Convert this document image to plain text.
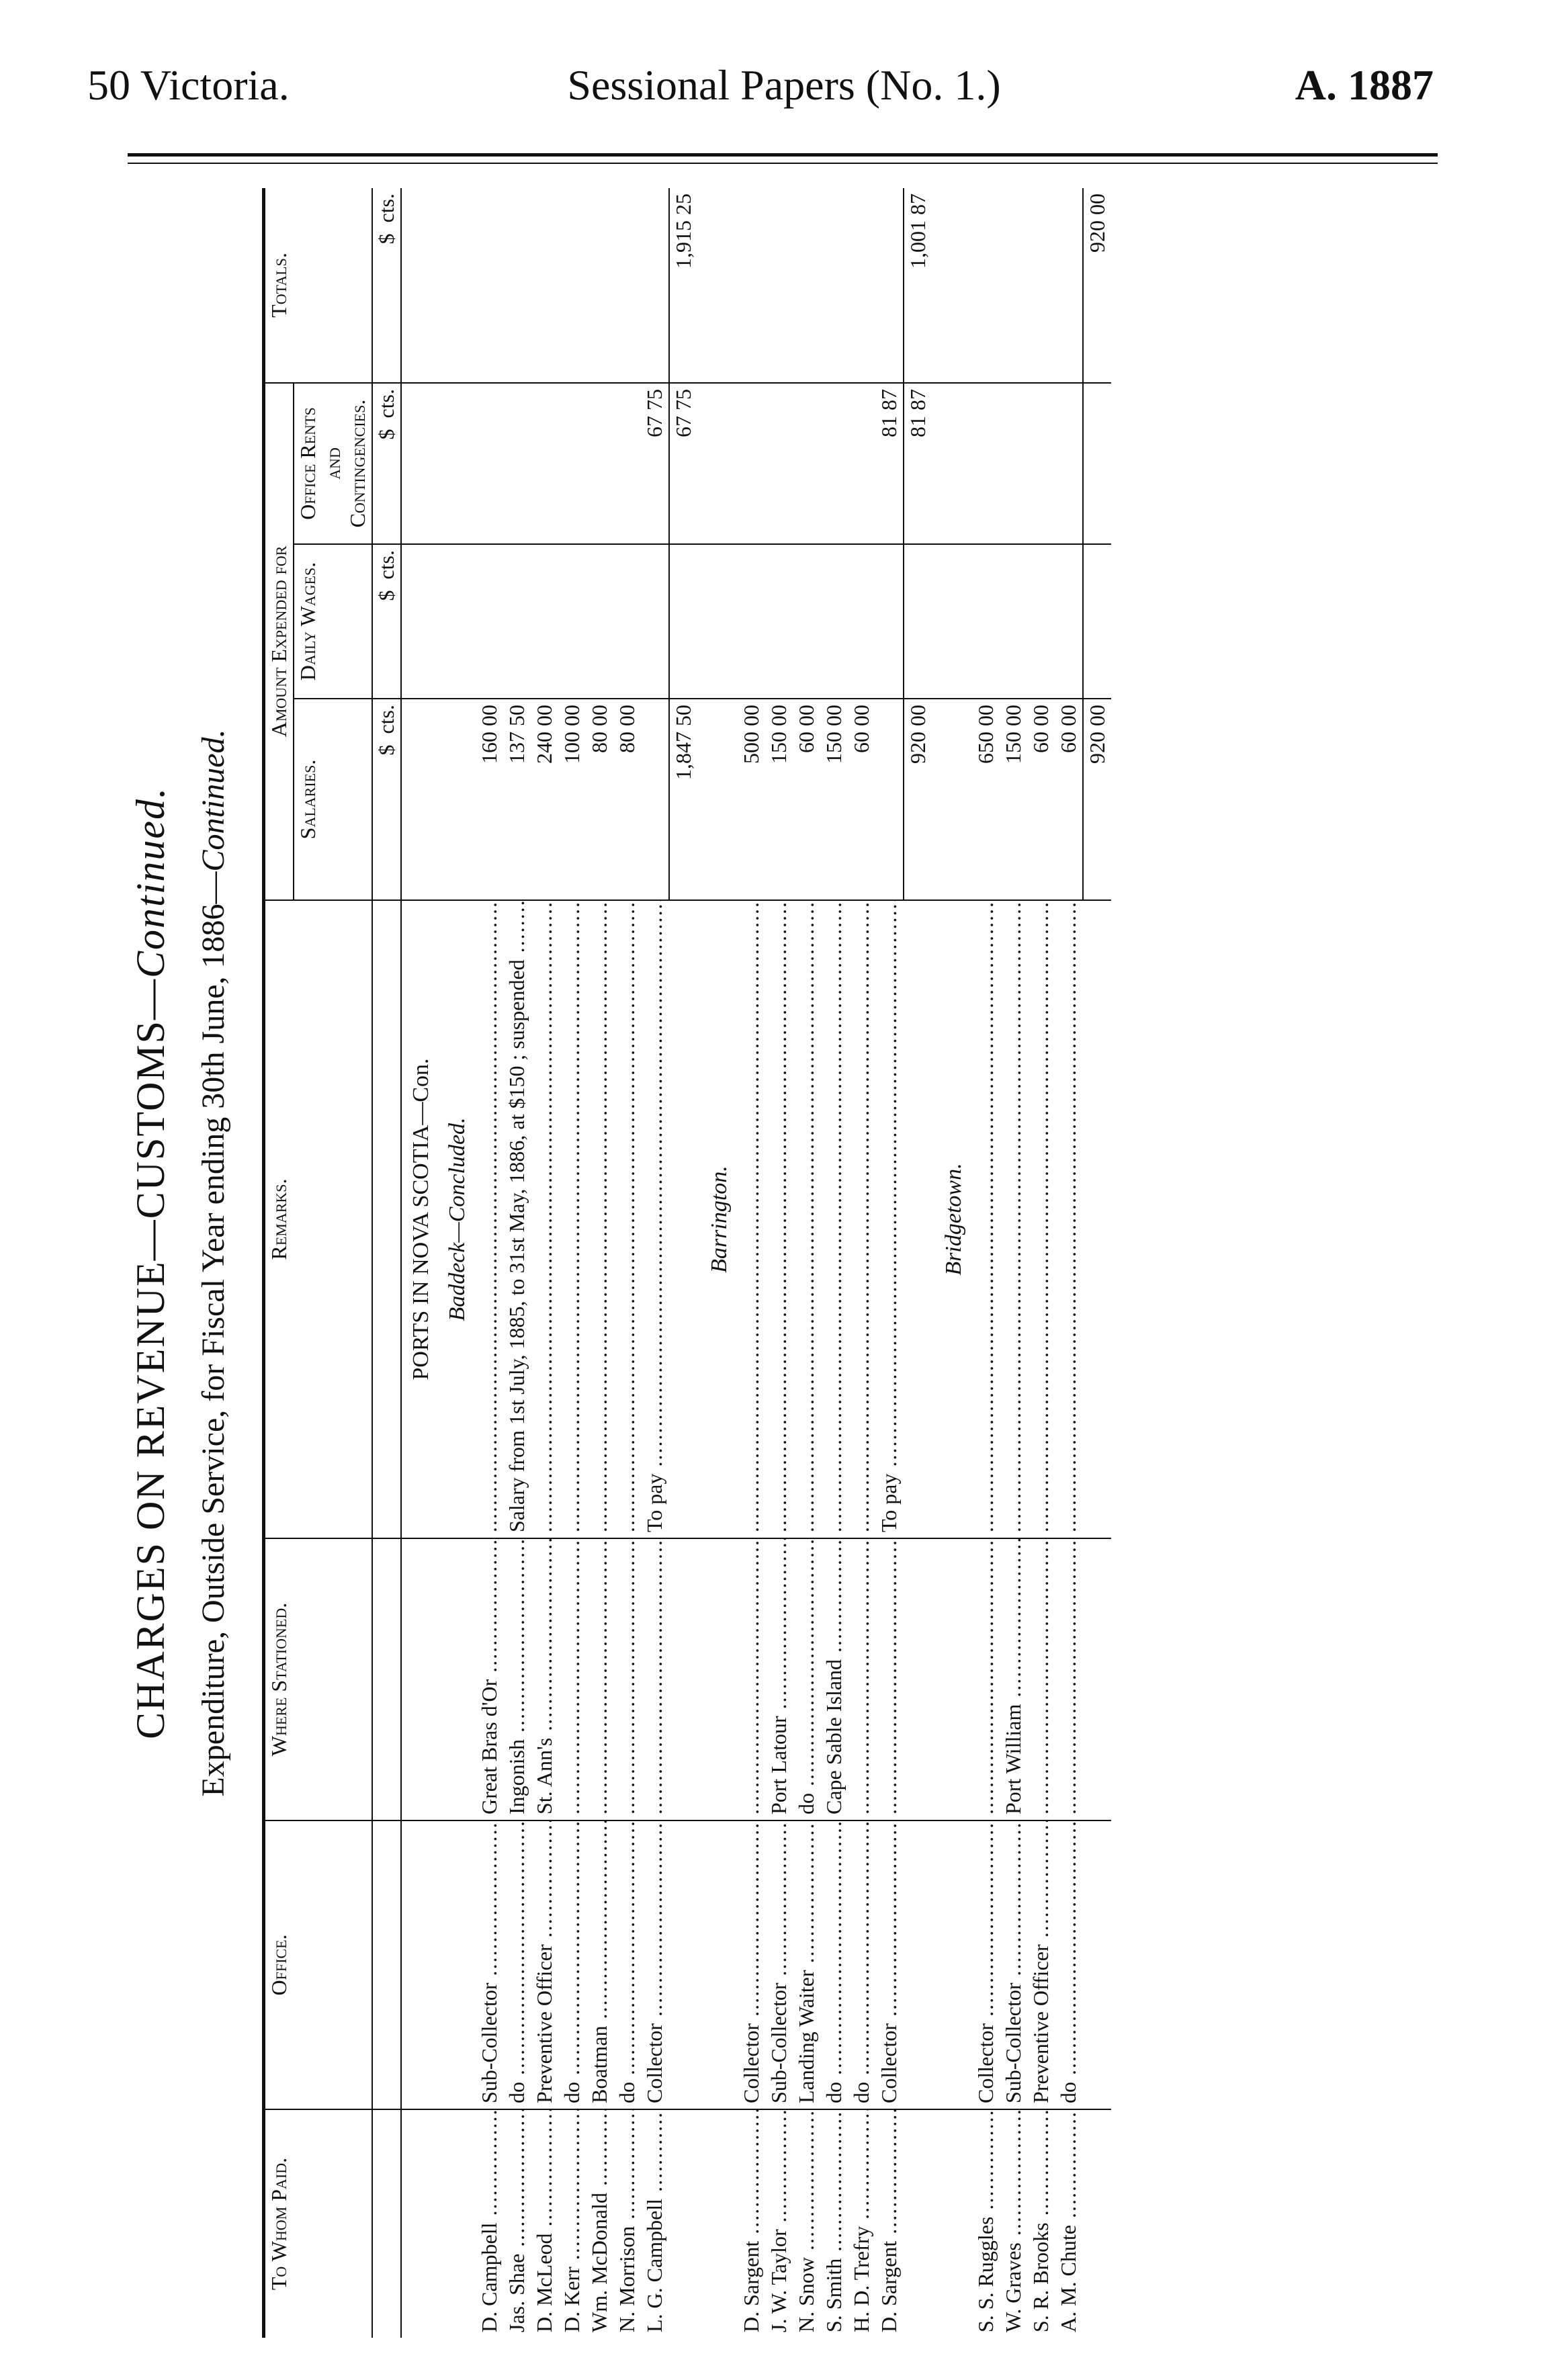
50 Victoria.	Sessional Papers (No. 1.)	A. 1887
CHARGES ON REVENUE—CUSTOMS—Continued. Expenditure, Outside Service, for Fiscal Year ending 30th June, 1886—Continued.
To Whom Paid.	Office.	Where Stationed.	Remarks.	Amount Expended for			Totals.
				Salaries.	Daily Wages.	Office Rents and Contingencies.	
				$  cts.	$  cts.	$  cts.	$  cts.
			PORTS IN NOVA SCOTIA—Con.				
			Baddeck—Concluded.				
D. Campbell .....	Sub-Collector .....	Great Bras d'Or .....	.....	160 00			
Jas. Shae .....	do .....	Ingonish .....	Salary from 1st July, 1885, to 31st May, 1886, at $150 ; suspended .....	137 50			
D. McLeod .....	Preventive Officer .....	St. Ann's .....	.....	240 00			
D. Kerr .....	do .....	.....	.....	100 00			
Wm. McDonald .....	Boatman .....	.....	.....	80 00			
N. Morrison .....	do .....	.....	.....	80 00			
L. G. Campbell .....	Collector .....	.....	To pay .....			67 75	
				1,847 50		67 75	1,915 25
			Barrington.				
D. Sargent .....	Collector .....	.....	.....	500 00			
J. W. Taylor .....	Sub-Collector .....	Port Latour .....	.....	150 00			
N. Snow .....	Landing Waiter .....	do .....	.....	60 00			
S. Smith .....	do .....	Cape Sable Island .....	.....	150 00			
H. D. Trefry .....	do .....	.....	.....	60 00			
D. Sargent .....	Collector .....	.....	To pay .....			81 87	
				920 00		81 87	1,001 87
			Bridgetown.				
S. S. Ruggles .....	Collector .....	.....	.....	650 00			
W. Graves .....	Sub-Collector .....	Port William .....	.....	150 00			
S. R. Brooks .....	Preventive Officer .....	.....	.....	60 00			
A. M. Chute .....	do .....	.....	.....	60 00			
				920 00			920 00
